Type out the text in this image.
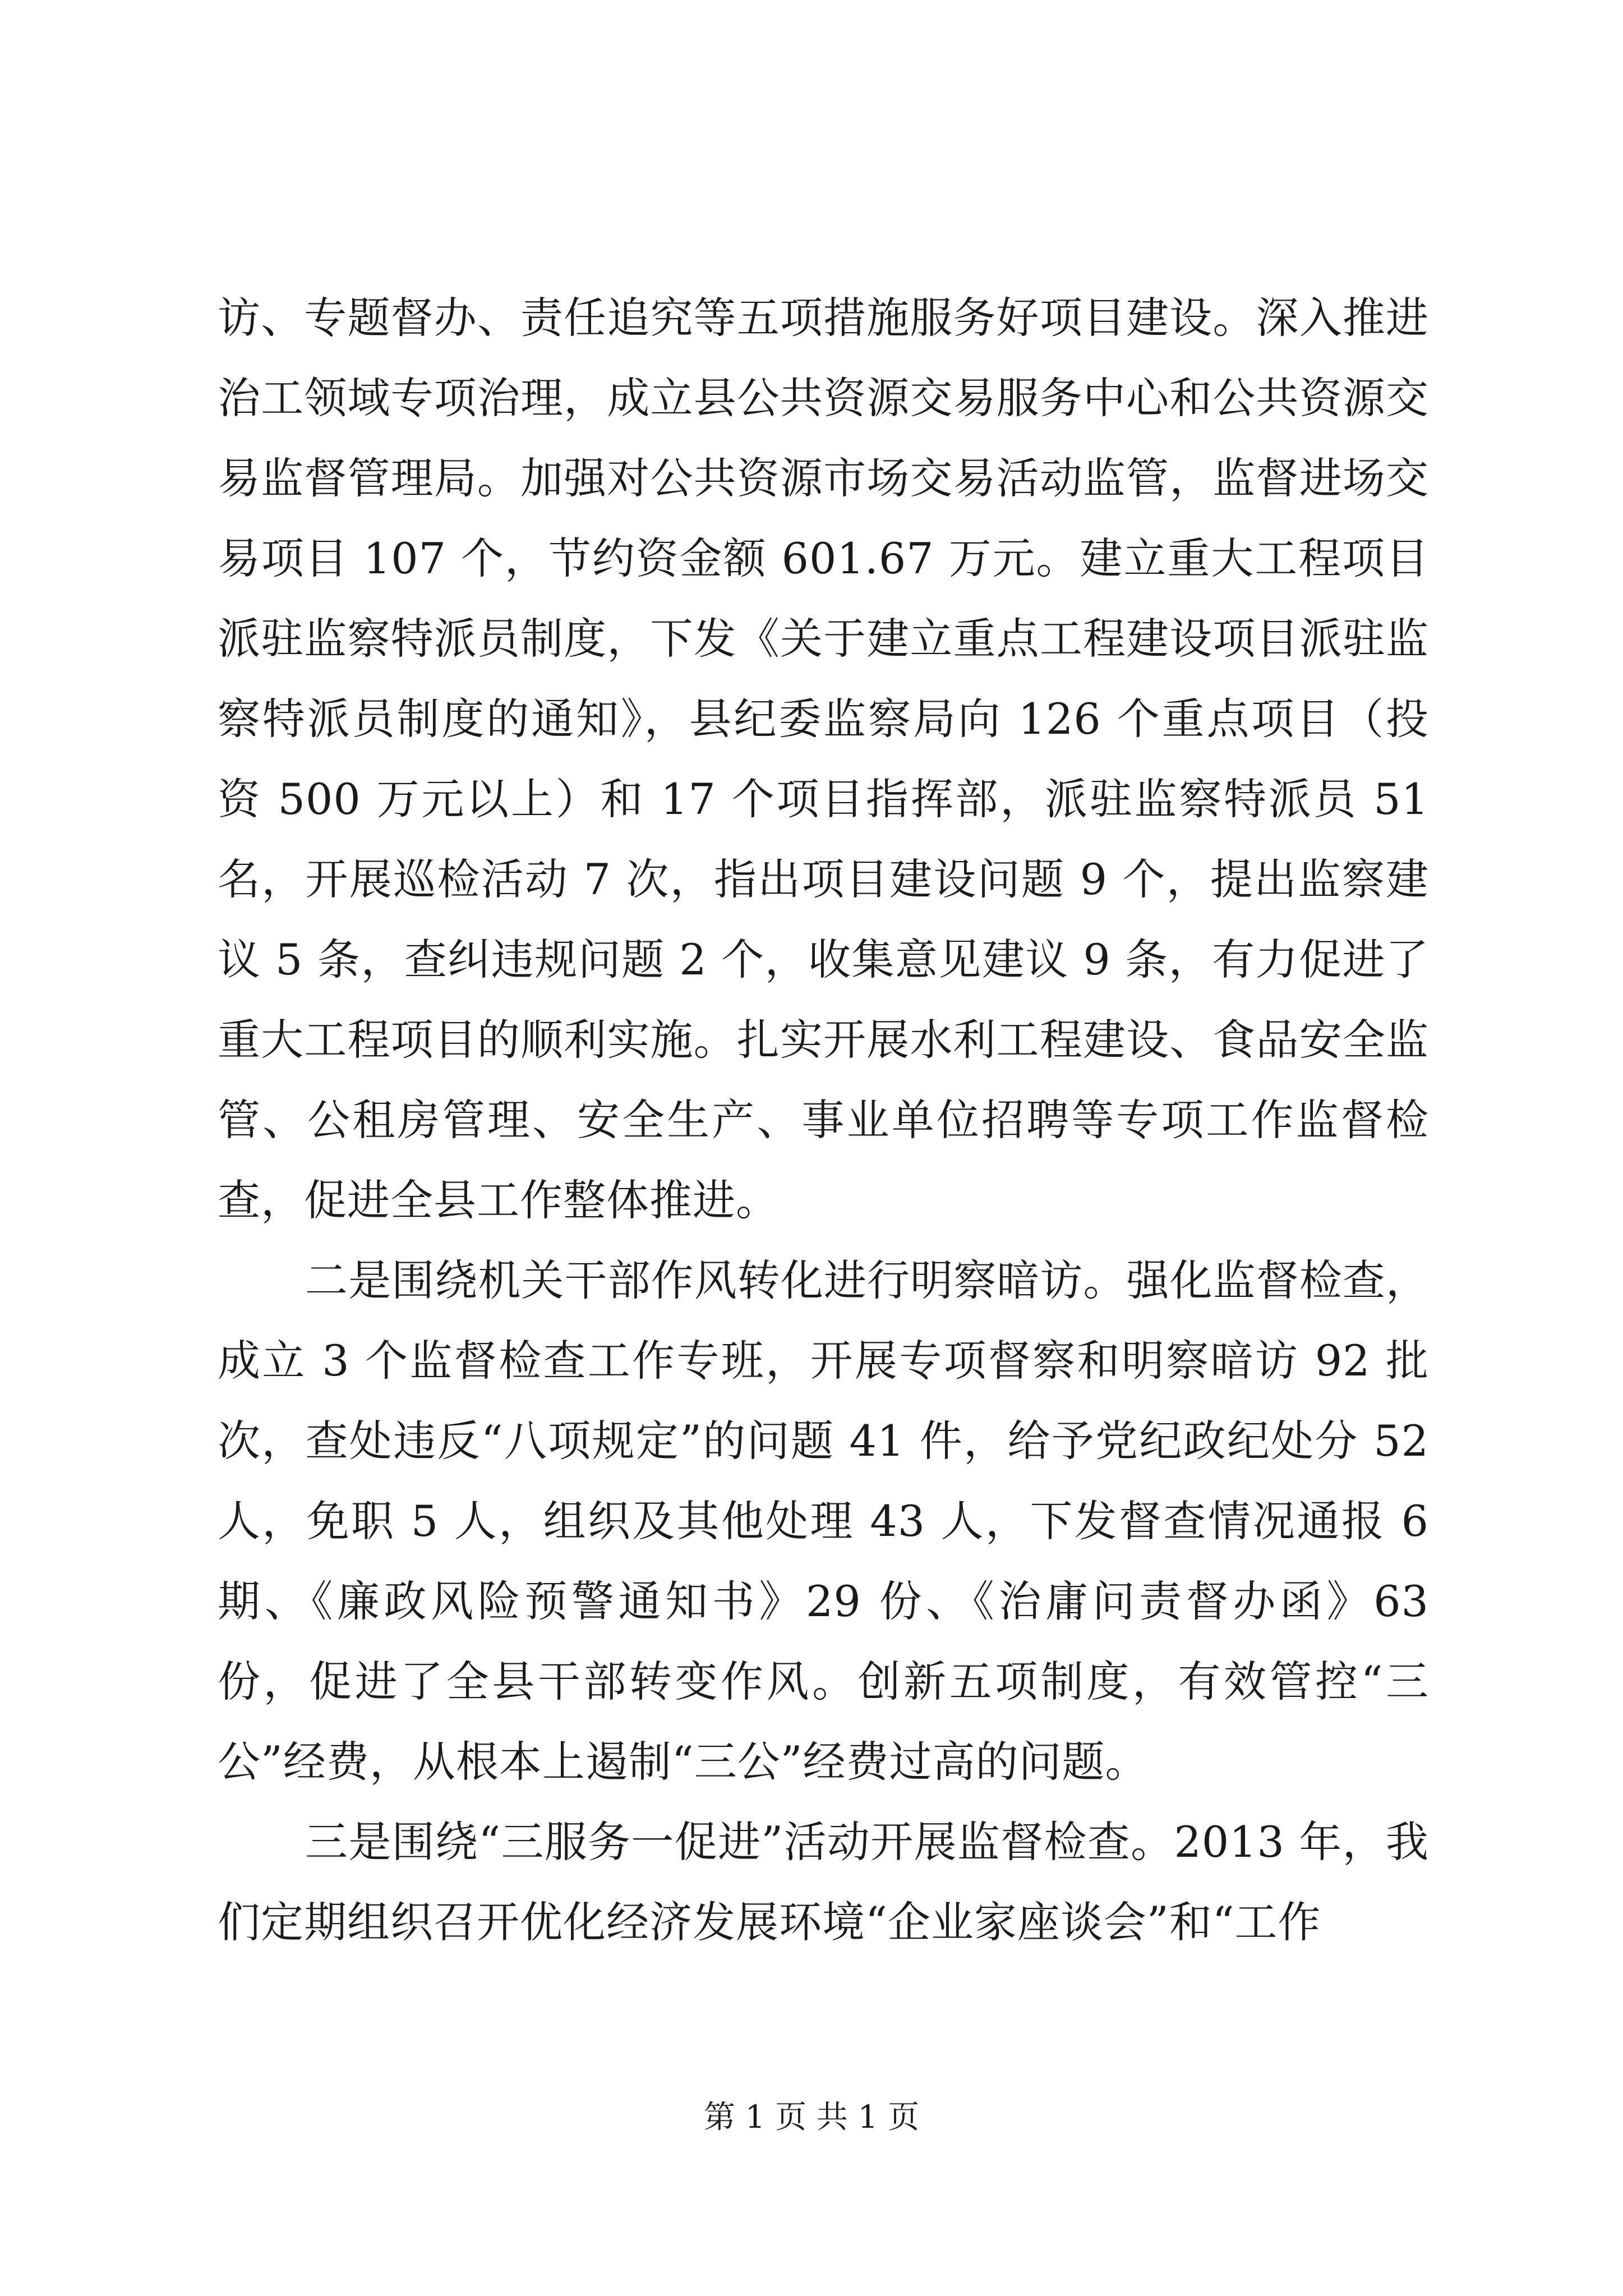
访、专题督办、责任追究等五项措施服务好项目建设。深入推进治工领域专项治理，成立县公共资源交易服务中心和公共资源交易监督管理局。加强对公共资源市场交易活动监管，监督进场交易项目 107 个，节约资金额 601.67 万元。建立重大工程项目派驻监察特派员制度，下发《关于建立重点工程建设项目派驻监察特派员制度的通知》，县纪委监察局向 126 个重点项目（投资 500 万元以上）和 17 个项目指挥部，派驻监察特派员 51 名，开展巡检活动 7 次，指出项目建设问题 9 个，提出监察建议 5 条，查纠违规问题 2 个，收集意见建议 9 条，有力促进了重大工程项目的顺利实施。扎实开展水利工程建设、食品安全监管、公租房管理、安全生产、事业单位招聘等专项工作监督检查，促进全县工作整体推进。

二是围绕机关干部作风转化进行明察暗访。强化监督检查，成立 3 个监督检查工作专班，开展专项督察和明察暗访 92 批次，查处违反“八项规定”的问题 41 件，给予党纪政纪处分 52 人，免职 5 人，组织及其他处理 43 人，下发督查情况通报 6 期、《廉政风险预警通知书》29 份、《治庸问责督办函》63 份，促进了全县干部转变作风。创新五项制度，有效管控“三公”经费，从根本上遏制“三公”经费过高的问题。

三是围绕“三服务一促进”活动开展监督检查。2013 年，我们定期组织召开优化经济发展环境“企业家座谈会”和“工作

第 1 页 共 1 页
